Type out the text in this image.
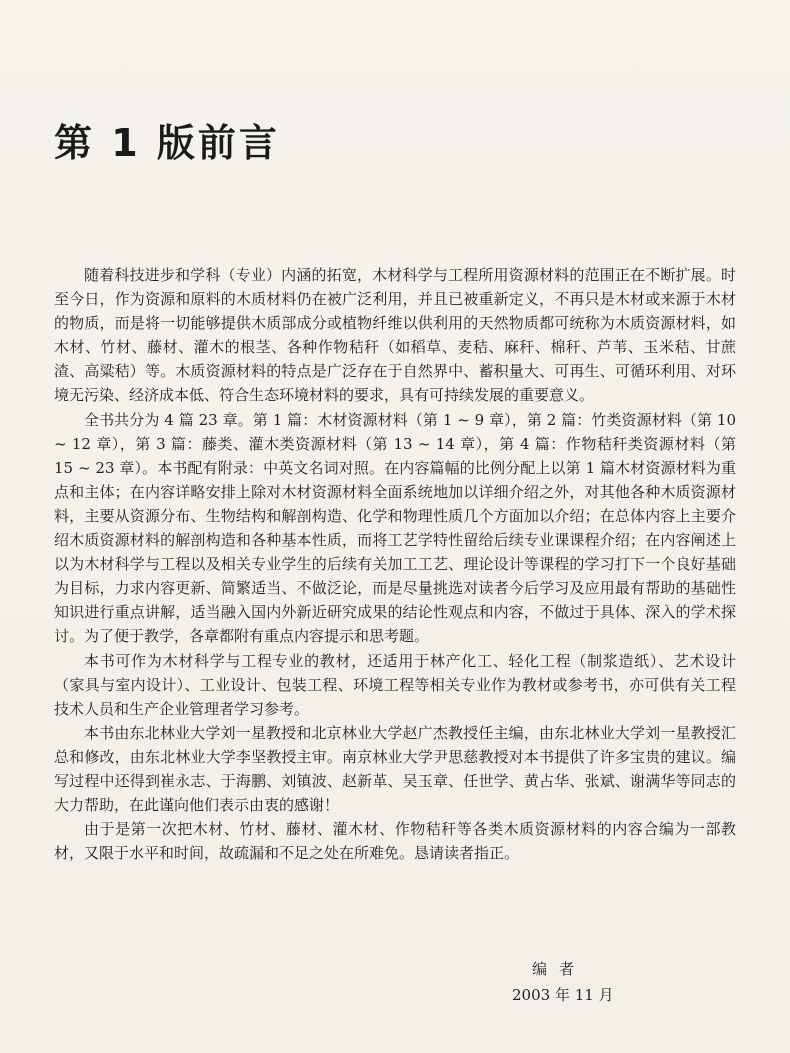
第 1 版前言

随着科技进步和学科（专业）内涵的拓宽，木材科学与工程所用资源材料的范围正在不断扩展。时至今日，作为资源和原料的木质材料仍在被广泛利用，并且已被重新定义，不再只是木材或来源于木材的物质，而是将一切能够提供木质部成分或植物纤维以供利用的天然物质都可统称为木质资源材料，如木材、竹材、藤材、灌木的根茎、各种作物秸秆（如稻草、麦秸、麻秆、棉秆、芦苇、玉米秸、甘蔗渣、高粱秸）等。木质资源材料的特点是广泛存在于自然界中、蓄积量大、可再生、可循环利用、对环境无污染、经济成本低、符合生态环境材料的要求，具有可持续发展的重要意义。

全书共分为 4 篇 23 章。第 1 篇：木材资源材料（第 1 ~ 9 章），第 2 篇：竹类资源材料（第 10 ~ 12 章），第 3 篇：藤类、灌木类资源材料（第 13 ~ 14 章），第 4 篇：作物秸秆类资源材料（第 15 ~ 23 章）。本书配有附录：中英文名词对照。在内容篇幅的比例分配上以第 1 篇木材资源材料为重点和主体；在内容详略安排上除对木材资源材料全面系统地加以详细介绍之外，对其他各种木质资源材料，主要从资源分布、生物结构和解剖构造、化学和物理性质几个方面加以介绍；在总体内容上主要介绍木质资源材料的解剖构造和各种基本性质，而将工艺学特性留给后续专业课课程介绍；在内容阐述上以为木材科学与工程以及相关专业学生的后续有关加工工艺、理论设计等课程的学习打下一个良好基础为目标，力求内容更新、简繁适当、不做泛论，而是尽量挑选对读者今后学习及应用最有帮助的基础性知识进行重点讲解，适当融入国内外新近研究成果的结论性观点和内容，不做过于具体、深入的学术探讨。为了便于教学，各章都附有重点内容提示和思考题。

本书可作为木材科学与工程专业的教材，还适用于林产化工、轻化工程（制浆造纸）、艺术设计（家具与室内设计）、工业设计、包装工程、环境工程等相关专业作为教材或参考书，亦可供有关工程技术人员和生产企业管理者学习参考。

本书由东北林业大学刘一星教授和北京林业大学赵广杰教授任主编，由东北林业大学刘一星教授汇总和修改，由东北林业大学李坚教授主审。南京林业大学尹思慈教授对本书提供了许多宝贵的建议。编写过程中还得到崔永志、于海鹏、刘镇波、赵新革、吴玉章、任世学、黄占华、张斌、谢满华等同志的大力帮助，在此谨向他们表示由衷的感谢！

由于是第一次把木材、竹材、藤材、灌木材、作物秸秆等各类木质资源材料的内容合编为一部教材，又限于水平和时间，故疏漏和不足之处在所难免。恳请读者指正。

编者
2003 年 11 月
